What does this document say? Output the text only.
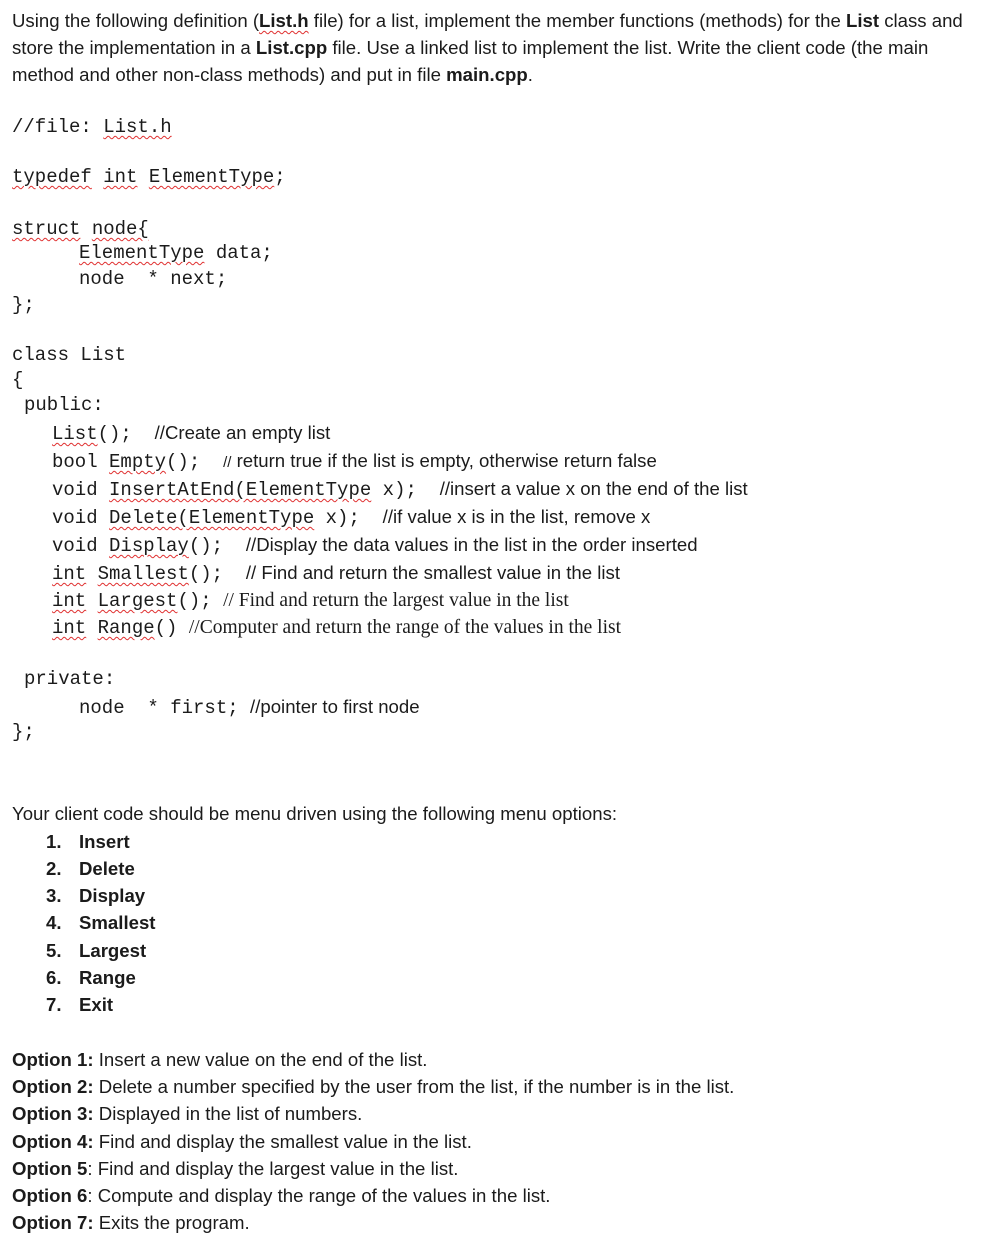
Using the following definition (List.h file) for a list, implement the member functions (methods) for the List class and store the implementation in a List.cpp file. Use a linked list to implement the list. Write the client code (the main method and other non-class methods) and put in file main.cpp.
//file: List.h
typedef int ElementType;
struct node{
ElementType data;
node  * next;
};
class List
{
public:
List(); //Create an empty list
bool Empty(); // return true if the list is empty, otherwise return false
void InsertAtEnd(ElementType x); //insert a value x on the end of the list
void Delete(ElementType x); //if value x is in the list, remove x
void Display(); //Display the data values in the list in the order inserted
int Smallest(); // Find and return the smallest value in the list
int Largest(); // Find and return the largest value in the list
int Range() //Computer and return the range of the values in the list
private:
node  * first; //pointer to first node
};
Your client code should be menu driven using the following menu options:
1. Insert
2. Delete
3. Display
4. Smallest
5. Largest
6. Range
7. Exit
Option 1: Insert a new value on the end of the list.
Option 2: Delete a number specified by the user from the list, if the number is in the list.
Option 3: Displayed in the list of numbers.
Option 4: Find and display the smallest value in the list.
Option 5: Find and display the largest value in the list.
Option 6: Compute and display the range of the values in the list.
Option 7: Exits the program.
